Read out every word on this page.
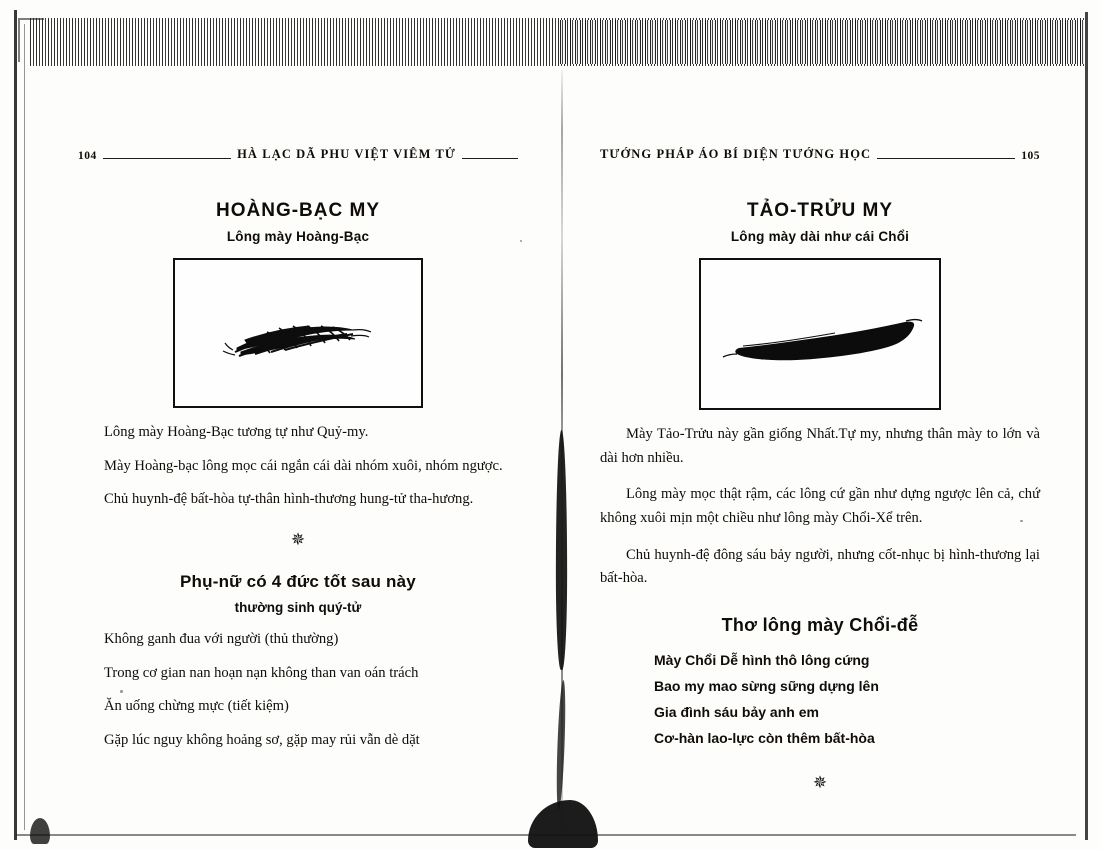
104	HÀ LẠC DÃ PHU VIỆT VIÊM TỬ
HOÀNG-BẠC MY
Lông mày Hoàng-Bạc

Lông mày Hoàng-Bạc tương tự như Quỷ-my.

Mày Hoàng-bạc lông mọc cái ngắn cái dài nhóm xuôi, nhóm ngược.

Chủ huynh-đệ bất-hòa tự-thân hình-thương hung-tử tha-hương.

✵
Phụ-nữ có 4 đức tốt sau này
thường sinh quý-tử

Không ganh đua với người (thủ thường)

Trong cơ gian nan hoạn nạn không than van oán trách

Ăn uống chừng mực (tiết kiệm)

Gặp lúc nguy không hoảng sơ, gặp may rủi vẫn dè dặt

TƯỚNG PHÁP ÁO BÍ DIỆN TƯỚNG HỌC	105
TẢO-TRỬU MY
Lông mày dài như cái Chổi

Mày Tảo-Trửu này gần giống Nhất.Tự my, nhưng thân mày to lớn và dài hơn nhiều.

Lông mày mọc thật rậm, các lông cứ gần như dựng ngược lên cả, chứ không xuôi mịn một chiều như lông mày Chổi-Xể trên.

Chủ huynh-đệ đông sáu bảy người, nhưng cốt-nhục bị hình-thương lại bất-hòa.

Thơ lông mày Chổi-đễ
Mày Chổi Dễ hình thô lông cứng
Bao my mao sừng sững dựng lên
Gia đình sáu bảy anh em
Cơ-hàn lao-lực còn thêm bất-hòa
✵
